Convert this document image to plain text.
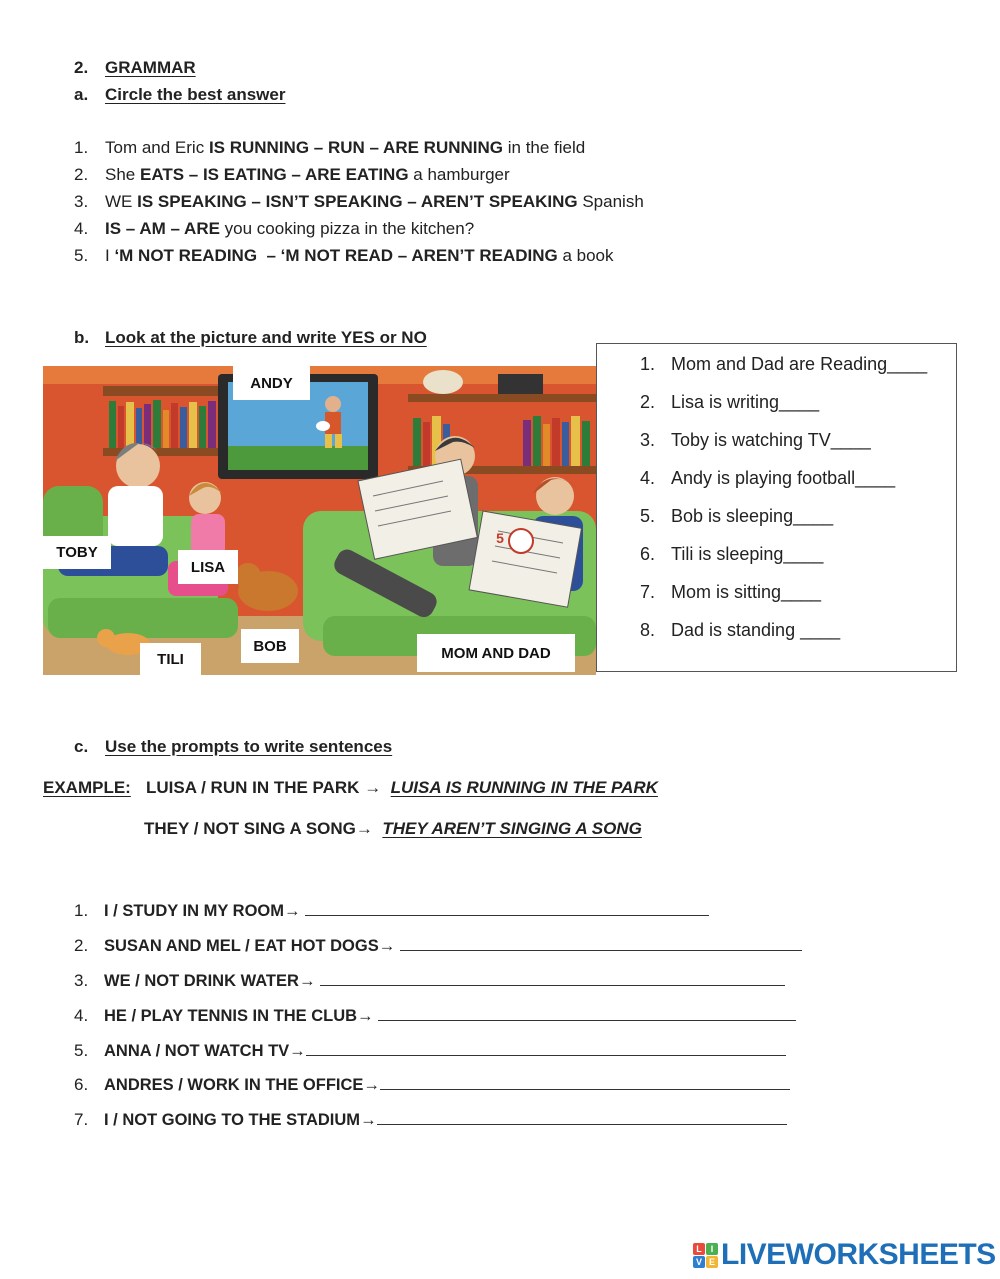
2. GRAMMAR
a. Circle the best answer
1. Tom and Eric IS RUNNING – RUN – ARE RUNNING in the field
2. She EATS – IS EATING – ARE EATING a hamburger
3. WE IS SPEAKING – ISN’T SPEAKING – AREN’T SPEAKING Spanish
4. IS – AM – ARE you cooking pizza in the kitchen?
5. I ‘M NOT READING  – ‘M NOT READ – AREN’T READING a book
b. Look at the picture and write YES or NO
5
ANDY
TOBY
LISA
BOB
TILI	MOM AND DAD
1. Mom and Dad are Reading____
2. Lisa is writing____
3. Toby is watching TV____
4. Andy is playing football____
5. Bob is sleeping____
6. Tili is sleeping____
7. Mom is sitting____
8. Dad is standing ____
c. Use the prompts to write sentences
EXAMPLE: LUISA / RUN IN THE PARK → LUISA IS RUNNING IN THE PARK
THEY / NOT SING A SONG→ THEY AREN’T SINGING A SONG
1. I / STUDY IN MY ROOM→
2. SUSAN AND MEL / EAT HOT DOGS→
3. WE / NOT DRINK WATER→
4. HE / PLAY TENNIS IN THE CLUB→
5. ANNA / NOT WATCH TV→
6. ANDRES / WORK IN THE OFFICE→
7. I / NOT GOING TO THE STADIUM→
L I
V E LIVEWORKSHEETS
